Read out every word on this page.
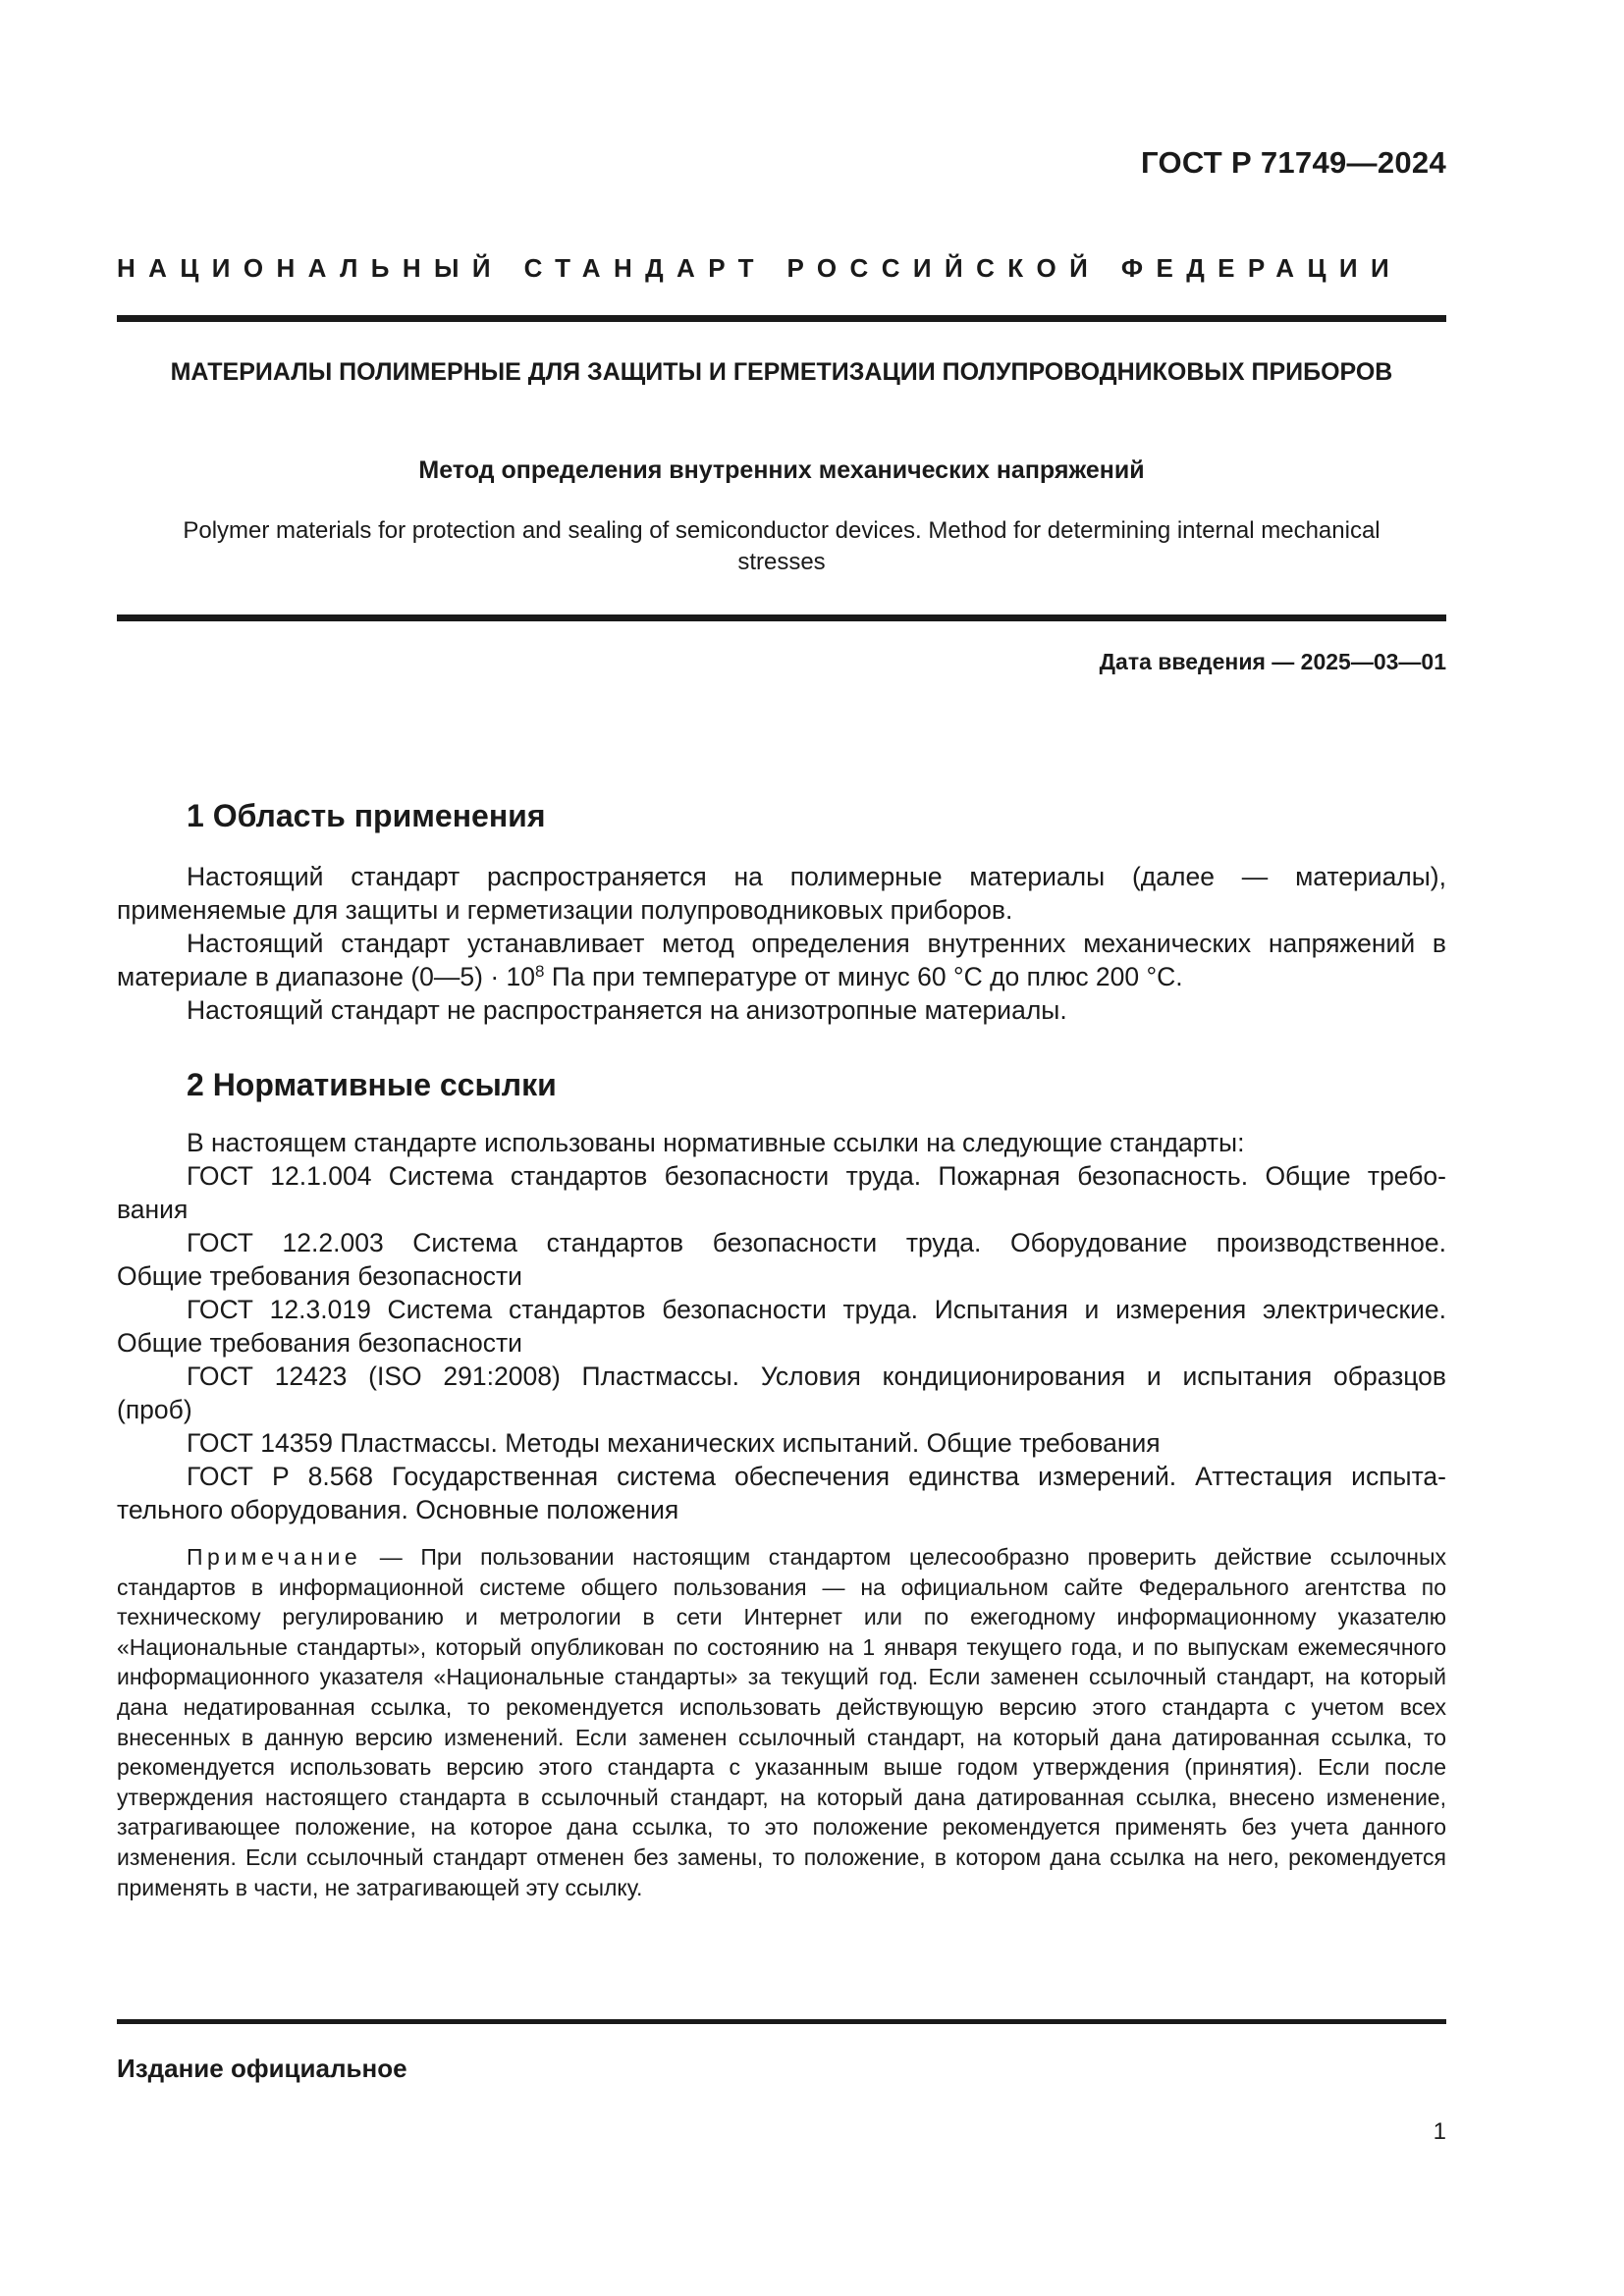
ГОСТ Р 71749—2024
НАЦИОНАЛЬНЫЙ СТАНДАРТ РОССИЙСКОЙ ФЕДЕРАЦИИ
МАТЕРИАЛЫ ПОЛИМЕРНЫЕ ДЛЯ ЗАЩИТЫ И ГЕРМЕТИЗАЦИИ ПОЛУПРОВОДНИКОВЫХ ПРИБОРОВ
Метод определения внутренних механических напряжений
Polymer materials for protection and sealing of semiconductor devices. Method for determining internal mechanical stresses
Дата введения — 2025—03—01
1 Область применения

Настоящий стандарт распространяется на полимерные материалы (далее — материалы), применяемые для защиты и герметизации полупроводниковых приборов.

Настоящий стандарт устанавливает метод определения внутренних механических напряжений в материале в диапазоне (0—5) · $10^8$ Па при температуре от минус 60 °С до плюс 200 °С.

Настоящий стандарт не распространяется на анизотропные материалы.

2 Нормативные ссылки

В настоящем стандарте использованы нормативные ссылки на следующие стандарты:

ГОСТ 12.1.004 Система стандартов безопасности труда. Пожарная безопасность. Общие требо-
вания
ГОСТ 12.2.003 Система стандартов безопасности труда. Оборудование производственное.
Общие требования безопасности
ГОСТ 12.3.019 Система стандартов безопасности труда. Испытания и измерения электрические.
Общие требования безопасности
ГОСТ 12423 (ISO 291:2008) Пластмассы. Условия кондиционирования и испытания образцов
(проб)
ГОСТ 14359 Пластмассы. Методы механических испытаний. Общие требования
ГОСТ Р 8.568 Государственная система обеспечения единства измерений. Аттестация испыта-
тельного оборудования. Основные положения

Примечание — При пользовании настоящим стандартом целесообразно проверить действие ссылочных стандартов в информационной системе общего пользования — на официальном сайте Федерального агентства по техническому регулированию и метрологии в сети Интернет или по ежегодному информационному указателю «Национальные стандарты», который опубликован по состоянию на 1 января текущего года, и по выпускам ежемесячного информационного указателя «Национальные стандарты» за текущий год. Если заменен ссылочный стандарт, на который дана недатированная ссылка, то рекомендуется использовать действующую версию этого стандарта с учетом всех внесенных в данную версию изменений. Если заменен ссылочный стандарт, на который дана датированная ссылка, то рекомендуется использовать версию этого стандарта с указанным выше годом утверждения (принятия). Если после утверждения настоящего стандарта в ссылочный стандарт, на который дана датированная ссылка, внесено изменение, затрагивающее положение, на которое дана ссылка, то это положение рекомендуется применять без учета данного изменения. Если ссылочный стандарт отменен без замены, то положение, в котором дана ссылка на него, рекомендуется применять в части, не затрагивающей эту ссылку.

Издание официальное
1
